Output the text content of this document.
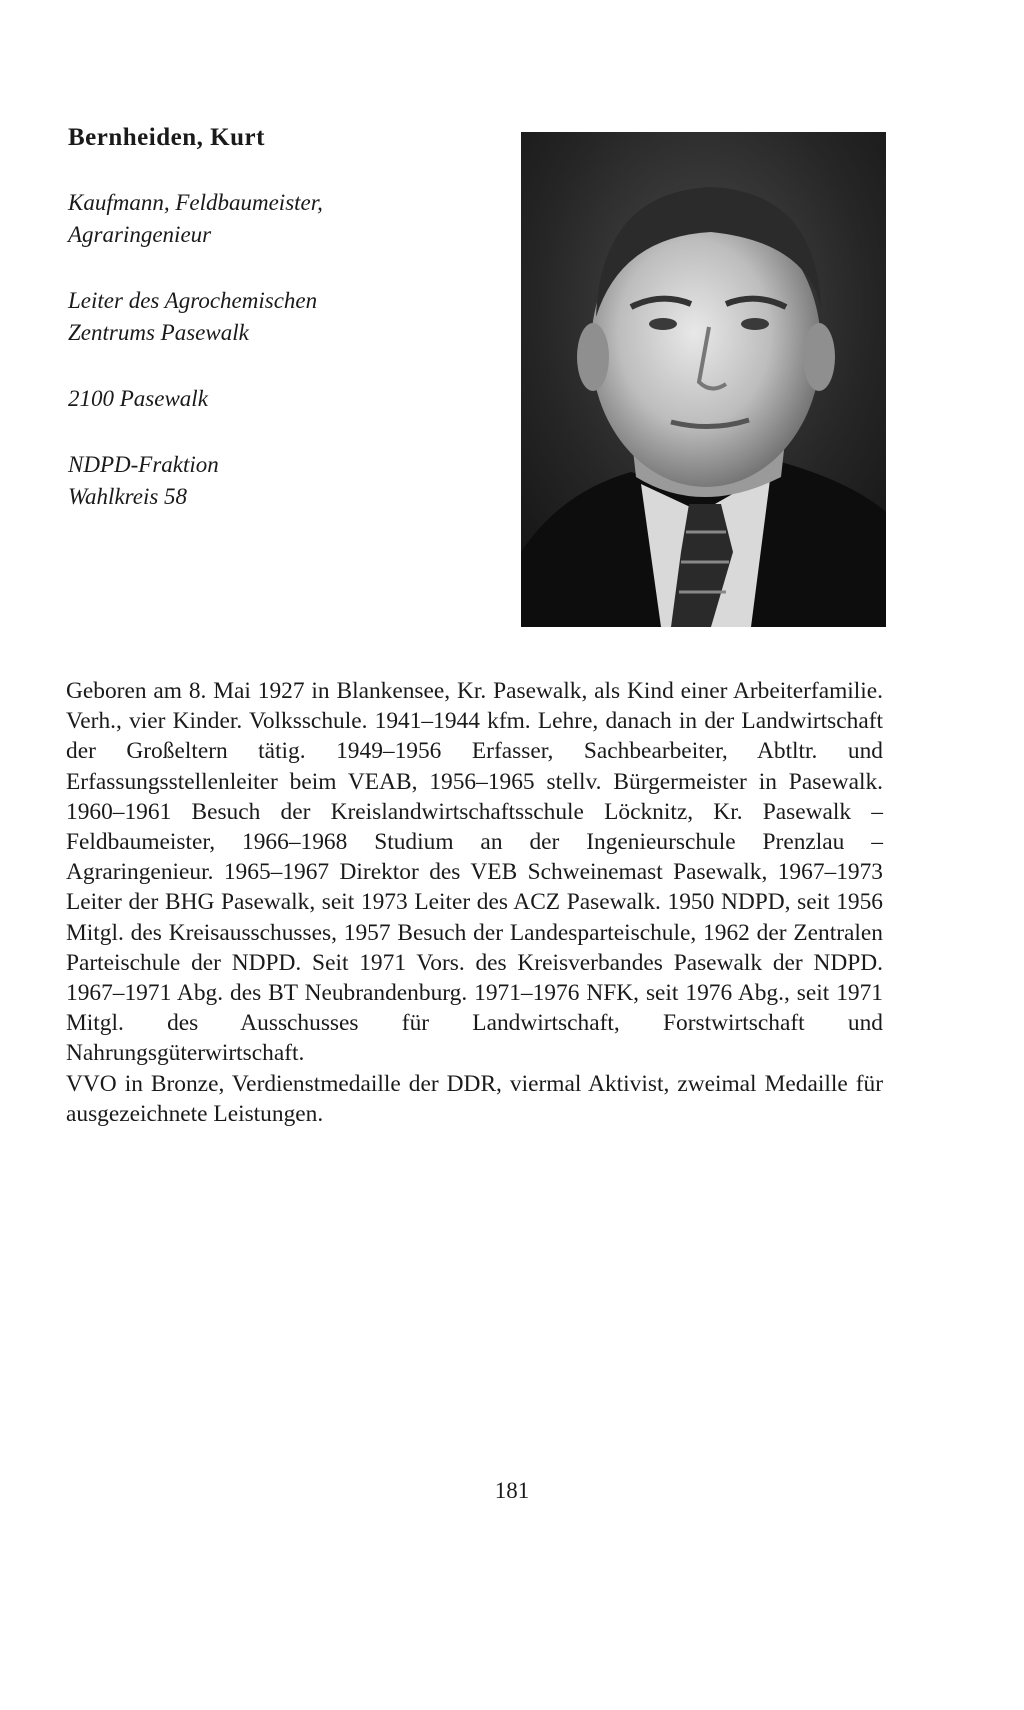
Bernheiden, Kurt
Kaufmann, Feldbaumeister,
Agraringenieur
Leiter des Agrochemischen
Zentrums Pasewalk
2100 Pasewalk
NDPD-Fraktion
Wahlkreis 58

Geboren am 8. Mai 1927 in Blankensee, Kr. Pasewalk, als Kind einer Arbeiterfamilie. Verh., vier Kinder. Volksschule. 1941–1944 kfm. Lehre, danach in der Landwirtschaft der Großeltern tätig. 1949–1956 Erfasser, Sachbearbeiter, Abtltr. und Erfassungsstellenleiter beim VEAB, 1956–1965 stellv. Bürgermeister in Pasewalk. 1960–1961 Besuch der Kreislandwirtschaftsschule Löcknitz, Kr. Pasewalk – Feldbaumeister, 1966–1968 Studium an der Ingenieurschule Prenzlau – Agraringenieur. 1965–1967 Direktor des VEB Schweinemast Pasewalk, 1967–1973 Leiter der BHG Pasewalk, seit 1973 Leiter des ACZ Pasewalk. 1950 NDPD, seit 1956 Mitgl. des Kreisausschusses, 1957 Besuch der Landesparteischule, 1962 der Zentralen Parteischule der NDPD. Seit 1971 Vors. des Kreisverbandes Pasewalk der NDPD. 1967–1971 Abg. des BT Neubrandenburg. 1971–1976 NFK, seit 1976 Abg., seit 1971 Mitgl. des Ausschusses für Landwirtschaft, Forstwirtschaft und Nahrungsgüterwirtschaft.

VVO in Bronze, Verdienstmedaille der DDR, viermal Aktivist, zweimal Medaille für ausgezeichnete Leistungen.

181
